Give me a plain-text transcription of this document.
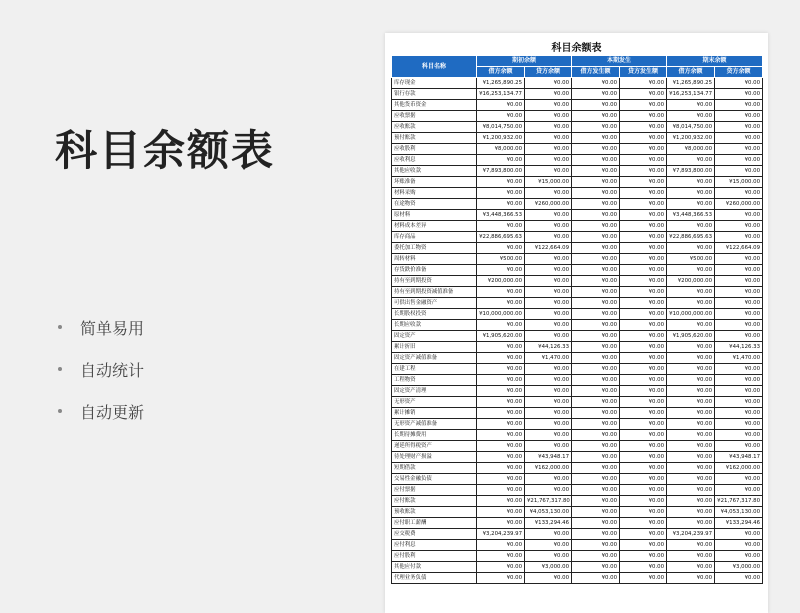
科目余额表
简单易用
自动统计
自动更新
科目余额表
科目名称	期初余额		本期发生		期末余额	
	借方余额	贷方余额	借方发生额	贷方发生额	借方余额	贷方余额
库存现金	¥1,265,890.25	¥0.00	¥0.00	¥0.00	¥1,265,890.25	¥0.00
银行存款	¥16,253,134.77	¥0.00	¥0.00	¥0.00	¥16,253,134.77	¥0.00
其他货币资金	¥0.00	¥0.00	¥0.00	¥0.00	¥0.00	¥0.00
应收票据	¥0.00	¥0.00	¥0.00	¥0.00	¥0.00	¥0.00
应收账款	¥8,014,750.00	¥0.00	¥0.00	¥0.00	¥8,014,750.00	¥0.00
预付账款	¥1,200,932.00	¥0.00	¥0.00	¥0.00	¥1,200,932.00	¥0.00
应收股利	¥8,000.00	¥0.00	¥0.00	¥0.00	¥8,000.00	¥0.00
应收利息	¥0.00	¥0.00	¥0.00	¥0.00	¥0.00	¥0.00
其他应收款	¥7,893,800.00	¥0.00	¥0.00	¥0.00	¥7,893,800.00	¥0.00
坏账准备	¥0.00	¥15,000.00	¥0.00	¥0.00	¥0.00	¥15,000.00
材料采购	¥0.00	¥0.00	¥0.00	¥0.00	¥0.00	¥0.00
在途物资	¥0.00	¥260,000.00	¥0.00	¥0.00	¥0.00	¥260,000.00
原材料	¥3,448,366.53	¥0.00	¥0.00	¥0.00	¥3,448,366.53	¥0.00
材料成本差异	¥0.00	¥0.00	¥0.00	¥0.00	¥0.00	¥0.00
库存商品	¥22,886,695.63	¥0.00	¥0.00	¥0.00	¥22,886,695.63	¥0.00
委托加工物资	¥0.00	¥122,664.09	¥0.00	¥0.00	¥0.00	¥122,664.09
周转材料	¥500.00	¥0.00	¥0.00	¥0.00	¥500.00	¥0.00
存货跌价准备	¥0.00	¥0.00	¥0.00	¥0.00	¥0.00	¥0.00
持有至到期投资	¥200,000.00	¥0.00	¥0.00	¥0.00	¥200,000.00	¥0.00
持有至到期投资减值准备	¥0.00	¥0.00	¥0.00	¥0.00	¥0.00	¥0.00
可供出售金融资产	¥0.00	¥0.00	¥0.00	¥0.00	¥0.00	¥0.00
长期股权投资	¥10,000,000.00	¥0.00	¥0.00	¥0.00	¥10,000,000.00	¥0.00
长期应收款	¥0.00	¥0.00	¥0.00	¥0.00	¥0.00	¥0.00
固定资产	¥1,905,620.00	¥0.00	¥0.00	¥0.00	¥1,905,620.00	¥0.00
累计折旧	¥0.00	¥44,126.33	¥0.00	¥0.00	¥0.00	¥44,126.33
固定资产减值准备	¥0.00	¥1,470.00	¥0.00	¥0.00	¥0.00	¥1,470.00
在建工程	¥0.00	¥0.00	¥0.00	¥0.00	¥0.00	¥0.00
工程物资	¥0.00	¥0.00	¥0.00	¥0.00	¥0.00	¥0.00
固定资产清理	¥0.00	¥0.00	¥0.00	¥0.00	¥0.00	¥0.00
无形资产	¥0.00	¥0.00	¥0.00	¥0.00	¥0.00	¥0.00
累计摊销	¥0.00	¥0.00	¥0.00	¥0.00	¥0.00	¥0.00
无形资产减值准备	¥0.00	¥0.00	¥0.00	¥0.00	¥0.00	¥0.00
长期待摊费用	¥0.00	¥0.00	¥0.00	¥0.00	¥0.00	¥0.00
递延所得税资产	¥0.00	¥0.00	¥0.00	¥0.00	¥0.00	¥0.00
待处理财产损溢	¥0.00	¥43,948.17	¥0.00	¥0.00	¥0.00	¥43,948.17
短期借款	¥0.00	¥162,000.00	¥0.00	¥0.00	¥0.00	¥162,000.00
交易性金融负债	¥0.00	¥0.00	¥0.00	¥0.00	¥0.00	¥0.00
应付票据	¥0.00	¥0.00	¥0.00	¥0.00	¥0.00	¥0.00
应付账款	¥0.00	¥21,767,317.80	¥0.00	¥0.00	¥0.00	¥21,767,317.80
预收账款	¥0.00	¥4,053,130.00	¥0.00	¥0.00	¥0.00	¥4,053,130.00
应付职工薪酬	¥0.00	¥133,294.46	¥0.00	¥0.00	¥0.00	¥133,294.46
应交税费	¥3,204,239.97	¥0.00	¥0.00	¥0.00	¥3,204,239.97	¥0.00
应付利息	¥0.00	¥0.00	¥0.00	¥0.00	¥0.00	¥0.00
应付股利	¥0.00	¥0.00	¥0.00	¥0.00	¥0.00	¥0.00
其他应付款	¥0.00	¥3,000.00	¥0.00	¥0.00	¥0.00	¥3,000.00
代理业务负债	¥0.00	¥0.00	¥0.00	¥0.00	¥0.00	¥0.00
